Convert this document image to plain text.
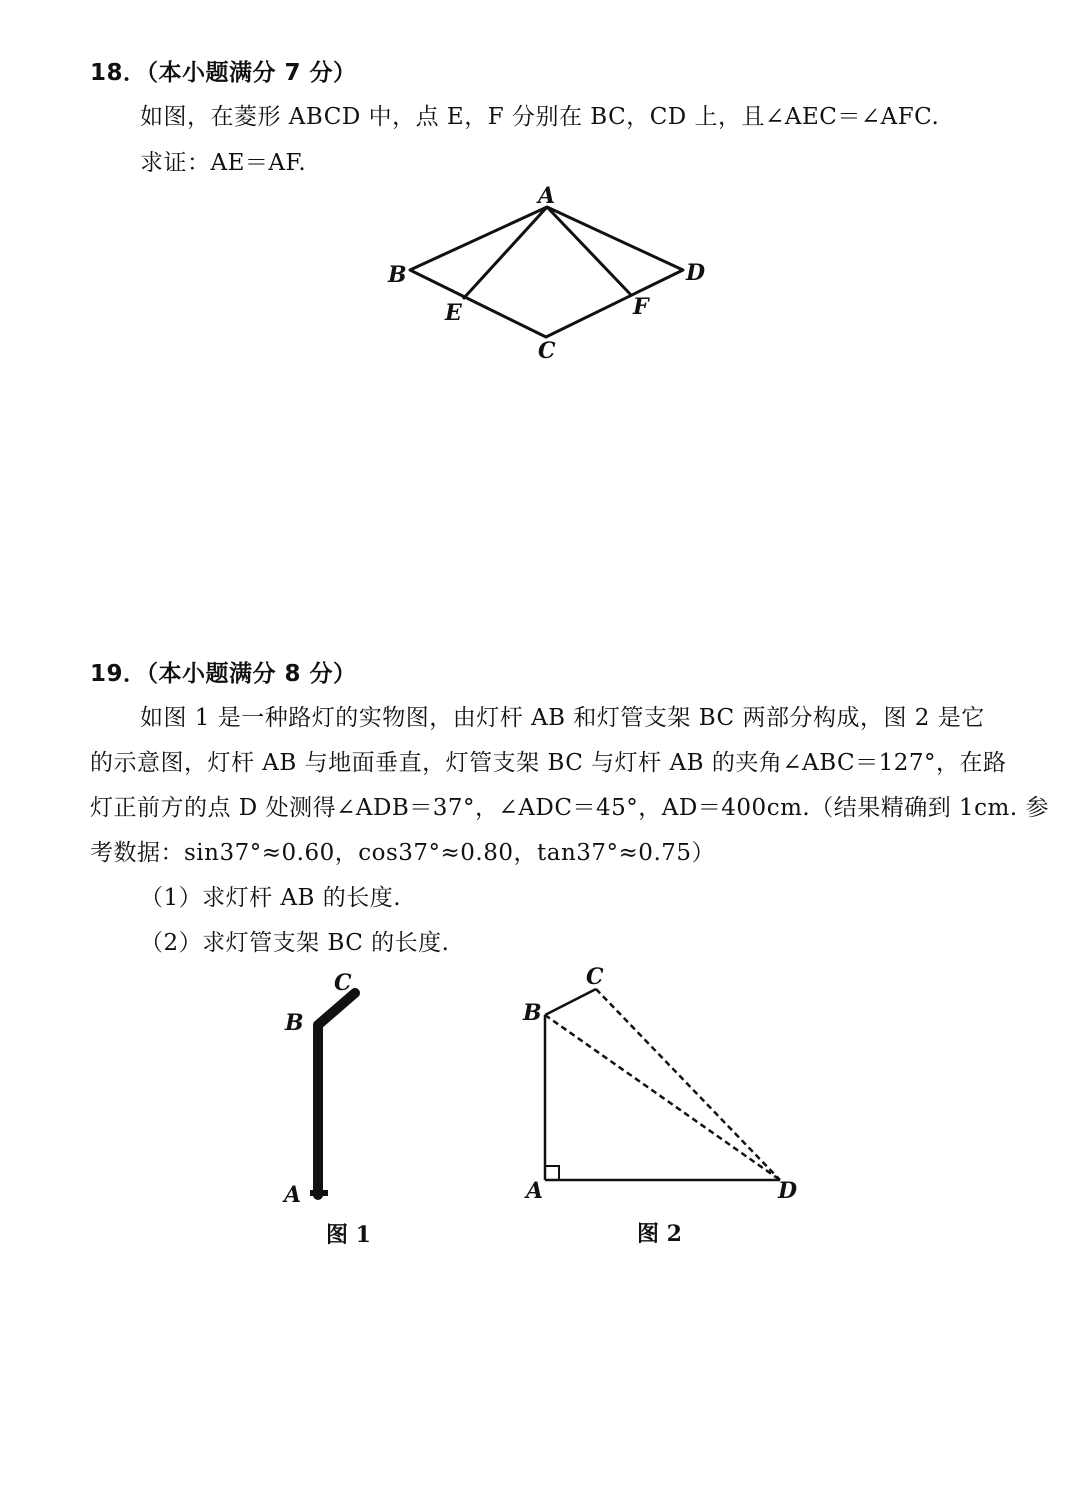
18．（本小题满分 7 分）
如图，在菱形 ABCD 中，点 E，F 分别在 BC，CD 上，且∠AEC＝∠AFC.
求证：AE＝AF.
A
B
C
D
E	F
C
B
A
C
B
A	D
19．（本小题满分 8 分）
如图 1 是一种路灯的实物图，由灯杆 AB 和灯管支架 BC 两部分构成，图 2 是它
的示意图，灯杆 AB 与地面垂直，灯管支架 BC 与灯杆 AB 的夹角∠ABC＝127°，在路
灯正前方的点 D 处测得∠ADB＝37°，∠ADC＝45°，AD＝400cm.（结果精确到 1cm. 参
考数据：sin37°≈0.60，cos37°≈0.80，tan37°≈0.75）
（1）求灯杆 AB 的长度.
（2）求灯管支架 BC 的长度.
图 1	图 2
